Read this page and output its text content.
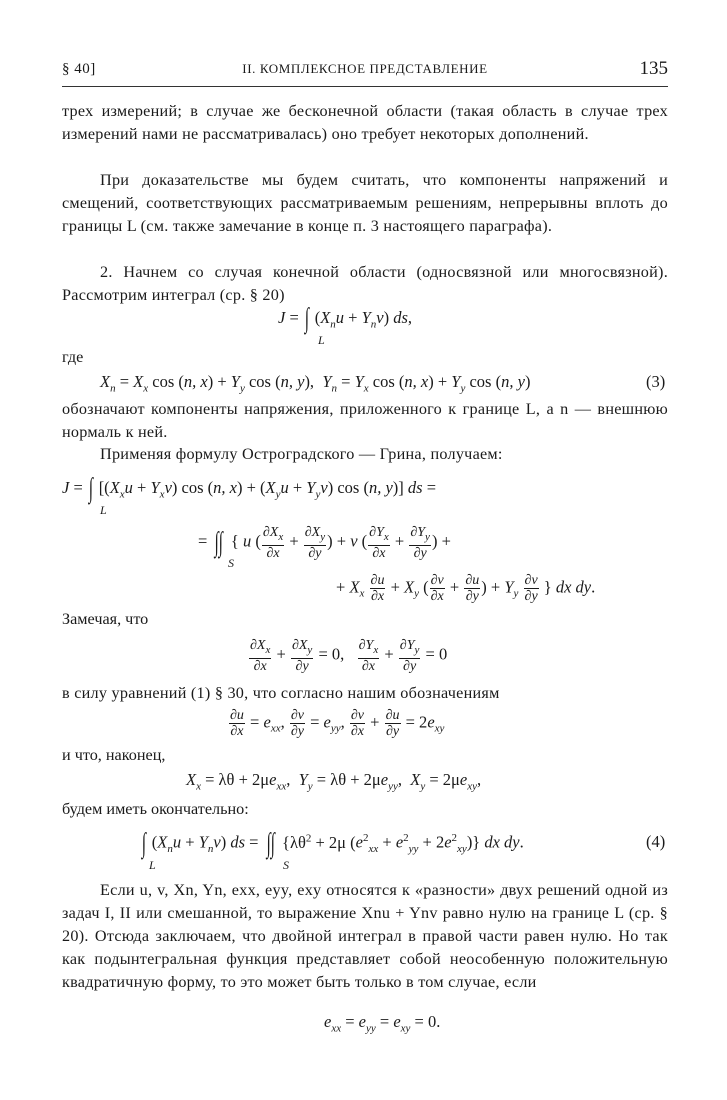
§ 40]	II. КОМПЛЕКСНОЕ ПРЕДСТАВЛЕНИЕ	135
трех измерений; в случае же бесконечной области (такая область в случае трех измерений нами не рассматривалась) оно требует некоторых дополнений.
При доказательстве мы будем считать, что компоненты напряжений и смещений, соответствующих рассматриваемым решениям, непрерывны вплоть до границы L (см. также замечание в конце п. 3 настоящего параграфа).
2. Начнем со случая конечной области (односвязной или многосвязной). Рассмотрим интеграл (ср. § 20)
J = ∫ $(X_nu + Y_nv)$ ds,
L
где
$X_n = X_x$ cos (n, $x) + Y_y$ cos (n, y),  $Y_n = Y_x$ cos (n, $x) + Y_y$ cos (n, y)	(3)
обозначают компоненты напряжения, приложенного к границе L, а n — внешнюю нормаль к ней.
Применяя формулу Остроградского — Грина, получаем:
J = ∫ [$(X_xu + Y_xv)$ cos (n, $x) + (X_yu + Y_yv)$ cos (n, y)] ds =
L
= ∫∫ { u ( $\frac{\partial X_x}{\partial x} + \frac{\partial X_y}{\partial y}$ ) + v ( $\frac{\partial Y_x}{\partial x} + \frac{\partial Y_y}{\partial y}$ ) +
S
+ $X_x \frac{\partial u}{\partial x} + X_y$ ( $\frac{\partial v}{\partial x} + \frac{\partial u}{\partial y}$ ) + $Y_y \frac{\partial v}{\partial y}$ } dx dy.
Замечая, что
$\frac{\partial X_x}{\partial x} + \frac{\partial X_y}{\partial y} = 0$, $\frac{\partial Y_x}{\partial x} + \frac{\partial Y_y}{\partial y} = 0$
в силу уравнений (1) § 30, что согласно нашим обозначениям
$\frac{\partial u}{\partial x} = e_{xx}$, $\frac{\partial v}{\partial y} = e_{yy}$, $\frac{\partial v}{\partial x} + \frac{\partial u}{\partial y} = 2e_{xy}$
и что, наконец,
$X_x = \lambda\theta + 2\mu e_{xx}$,  $Y_y = \lambda\theta + 2\mu e_{yy}$,  $X_y = 2\mu e_{xy}$,
будем иметь окончательно:
∫ $(X_nu + Y_nv)$ ds = ∫∫ {$\lambda\theta^2 + 2\mu$ $(e^2_{xx} + e^2_{yy} + 2e^2_{xy})$} dx dy.
L	S
(4)
Если u, v, Xn, Yn, exx, eyy, exy относятся к «разности» двух решений одной из задач I, II или смешанной, то выражение Xnu + Ynv равно нулю на границе L (ср. § 20). Отсюда заключаем, что двойной интеграл в правой части равен нулю. Но так как подынтегральная функция представляет собой неособенную положительную квадратичную форму, то это может быть только в том случае, если
$e_{xx} = e_{yy} = e_{xy} = 0$.
